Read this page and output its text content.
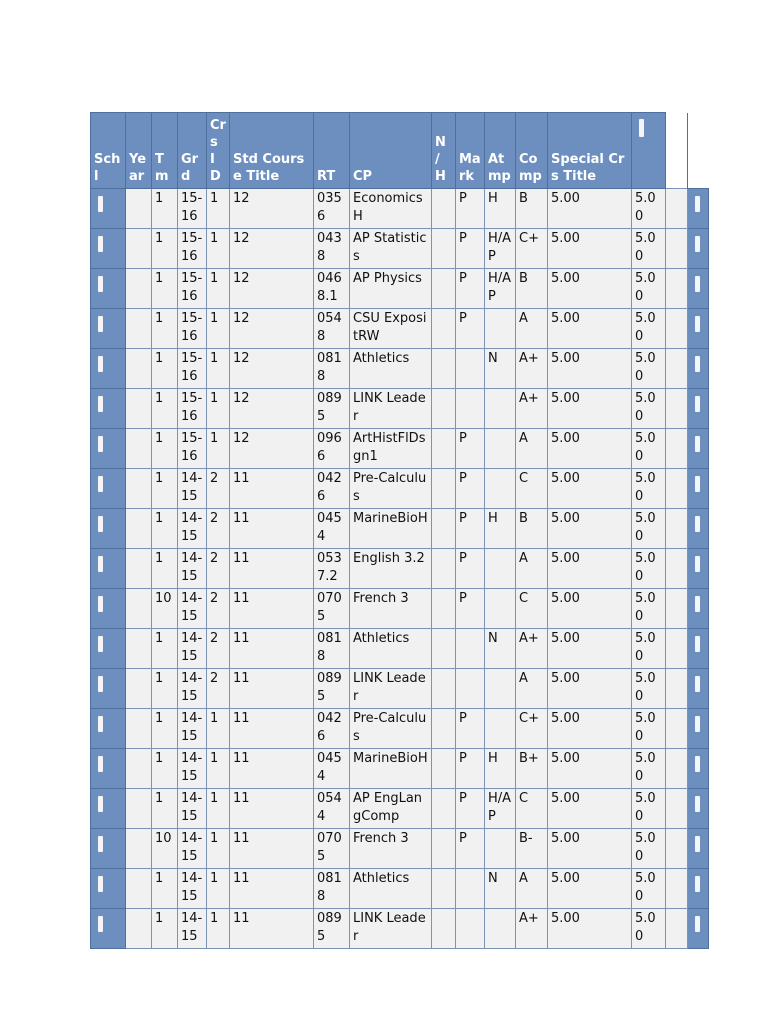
Sch l	Ye ar	T m	Gr d	Cr s I D	Std Course Title	RT	CP	N / H	Ma rk	At mp	Co mp	Special Crs Title			
		1	15-16	1	12	0356	Economics H		P	H	B	5.00	5.00		
		1	15-16	1	12	0438	AP Statistics		P	H/AP	C+	5.00	5.00		
		1	15-16	1	12	0468.1	AP Physics		P	H/AP	B	5.00	5.00		
		1	15-16	1	12	0548	CSU ExpositRW		P		A	5.00	5.00		
		1	15-16	1	12	0818	Athletics			N	A+	5.00	5.00		
		1	15-16	1	12	0895	LINK Leader				A+	5.00	5.00		
		1	15-16	1	12	0966	ArtHistFlDsgn1		P		A	5.00	5.00		
		1	14-15	2	11	0426	Pre-Calculus		P		C	5.00	5.00		
		1	14-15	2	11	0454	MarineBioH		P	H	B	5.00	5.00		
		1	14-15	2	11	0537.2	English 3.2		P		A	5.00	5.00		
		10	14-15	2	11	0705	French 3		P		C	5.00	5.00		
		1	14-15	2	11	0818	Athletics			N	A+	5.00	5.00		
		1	14-15	2	11	0895	LINK Leader				A	5.00	5.00		
		1	14-15	1	11	0426	Pre-Calculus		P		C+	5.00	5.00		
		1	14-15	1	11	0454	MarineBioH		P	H	B+	5.00	5.00		
		1	14-15	1	11	0544	AP EngLangComp		P	H/AP	C	5.00	5.00		
		10	14-15	1	11	0705	French 3		P		B-	5.00	5.00		
		1	14-15	1	11	0818	Athletics			N	A	5.00	5.00		
		1	14-15	1	11	0895	LINK Leader				A+	5.00	5.00		
